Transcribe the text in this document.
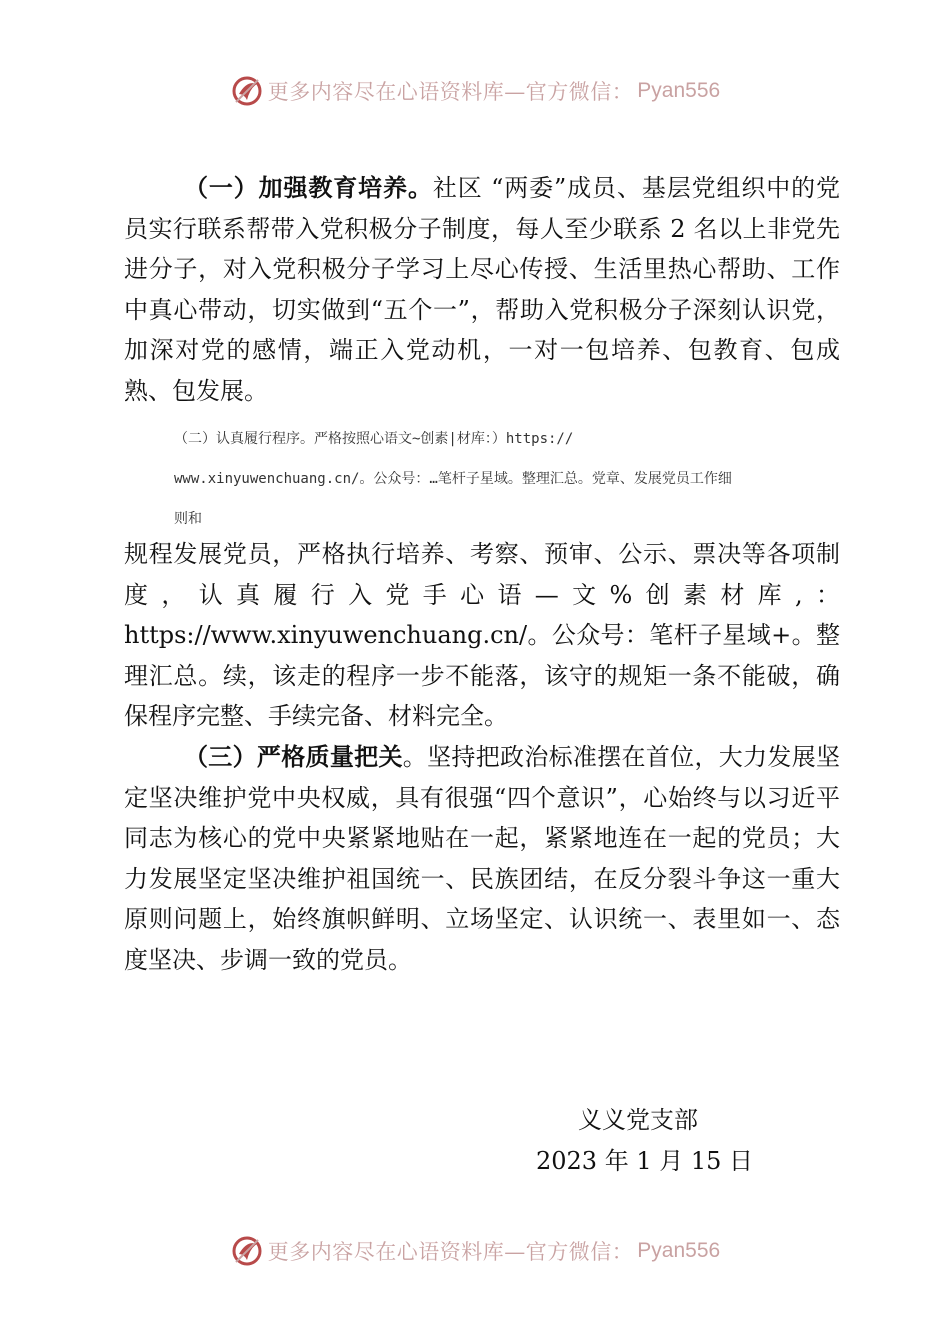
更多内容尽在心语资料库—官方微信： Pyan556

（一）加强教育培养。社区 “两委”成员、基层党组织中的党员实行联系帮带入党积极分子制度，每人至少联系 2 名以上非党先进分子，对入党积极分子学习上尽心传授、生活里热心帮助、工作中真心带动，切实做到“五个一”，帮助入党积极分子深刻认识党，加深对党的感情，端正入党动机，一对一包培养、包教育、包成熟、包发展。

（二）认真履行程序。严格按照心语文~创素|材库：）https://
www.xinyuwenchuang.cn/。公众号：…笔杆子星域。整理汇总。党章、发展党员工作细
则和

规程发展党员，严格执行培养、考察、预审、公示、票决等各项制度，认真履行入党手心语—文%创素材库,：https://www.xinyuwenchuang.cn/。公众号：笔杆子星域+。整理汇总。续，该走的程序一步不能落，该守的规矩一条不能破，确保程序完整、手续完备、材料完全。

（三）严格质量把关。坚持把政治标准摆在首位，大力发展坚定坚决维护党中央权威，具有很强“四个意识”，心始终与以习近平同志为核心的党中央紧紧地贴在一起，紧紧地连在一起的党员；大力发展坚定坚决维护祖国统一、民族团结，在反分裂斗争这一重大原则问题上，始终旗帜鲜明、立场坚定、认识统一、表里如一、态度坚决、步调一致的党员。

义义党支部

2023 年 1 月 15 日

更多内容尽在心语资料库—官方微信： Pyan556
